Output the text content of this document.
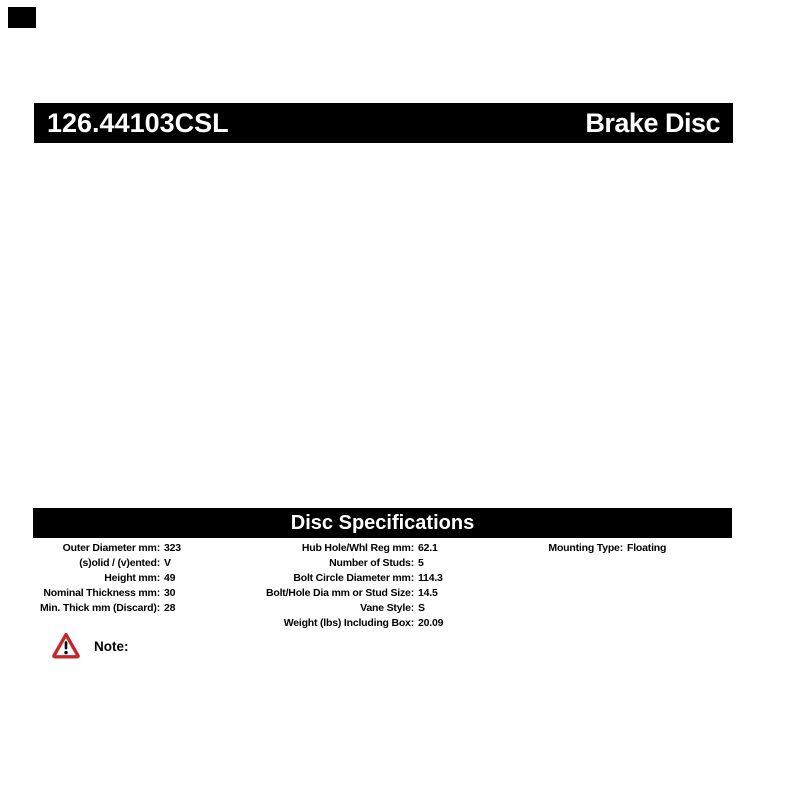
126.44103CSL	Brake Disc
Disc Specifications
Outer Diameter mm: 323
(s)olid / (v)ented: V
Height mm: 49
Nominal Thickness mm: 30
Min. Thick mm (Discard): 28
Hub Hole/Whl Reg mm: 62.1
Number of Studs: 5
Bolt Circle Diameter mm: 114.3
Bolt/Hole Dia mm or Stud Size: 14.5
Vane Style: S
Weight (lbs) Including Box: 20.09
Mounting Type: Floating
Note:
